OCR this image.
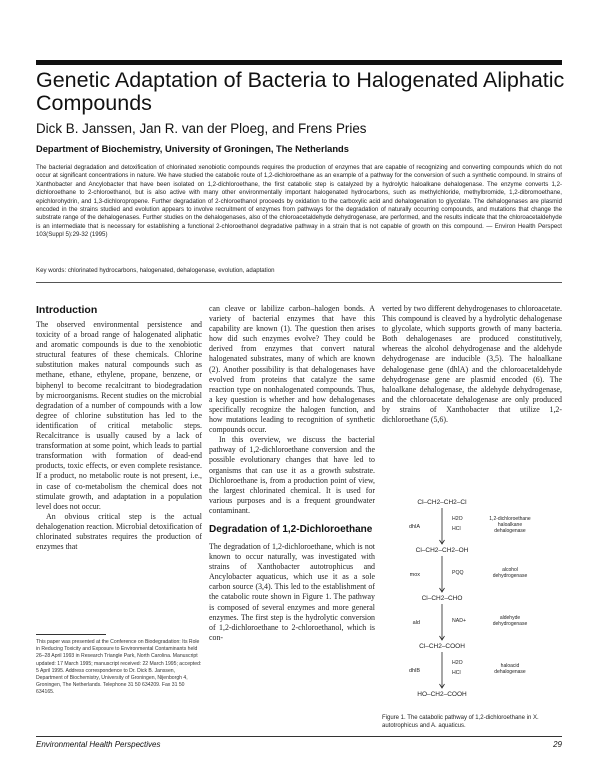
Genetic Adaptation of Bacteria to Halogenated Aliphatic Compounds
Dick B. Janssen, Jan R. van der Ploeg, and Frens Pries

Department of Biochemistry, University of Groningen, The Netherlands

The bacterial degradation and detoxification of chlorinated xenobiotic compounds requires the production of enzymes that are capable of recognizing and converting compounds which do not occur at significant concentrations in nature. We have studied the catabolic route of 1,2-dichloroethane as an example of a pathway for the conversion of such a synthetic compound. In strains of Xanthobacter and Ancylobacter that have been isolated on 1,2-dichloroethane, the first catabolic step is catalyzed by a hydrolytic haloalkane dehalogenase. The enzyme converts 1,2-dichloroethane to 2-chloroethanol, but is also active with many other environmentally important halogenated hydrocarbons, such as methylchloride, methylbromide, 1,2-dibromoethane, epichlorohydrin, and 1,3-dichloropropene. Further degradation of 2-chloroethanol proceeds by oxidation to the carboxylic acid and dehalogenation to glycolate. The dehalogenases are plasmid encoded in the strains studied and evolution appears to involve recruitment of enzymes from pathways for the degradation of naturally occurring compounds, and mutations that change the substrate range of the dehalogenases. Further studies on the dehalogenases, also of the chloroacetaldehyde dehydrogenase, are performed, and the results indicate that the chloroacetaldehyde is an intermediate that is necessary for establishing a functional 2-chloroethanol degradative pathway in a strain that is not capable of growth on this compound. — Environ Health Perspect 103(Suppl 5):29-32 (1995)

Key words: chlorinated hydrocarbons, halogenated, dehalogenase, evolution, adaptation

Introduction

The observed environmental persistence and toxicity of a broad range of halogenated aliphatic and aromatic compounds is due to the xenobiotic structural features of these chemicals. Chlorine substitution makes natural compounds such as methane, ethane, ethylene, propane, benzene, or biphenyl to become recalcitrant to biodegradation by microorganisms. Recent studies on the microbial degradation of a number of compounds with a low degree of chlorine substitution has led to the identification of critical metabolic steps. Recalcitrance is usually caused by a lack of transformation at some point, which leads to partial transformation with formation of dead-end products, toxic effects, or even complete resistance. If a product, no metabolic route is not present, i.e., in case of co-metabolism the chemical does not stimulate growth, and adaptation in a population level does not occur.

An obvious critical step is the actual dehalogenation reaction. Microbial detoxification of chlorinated substrates requires the production of enzymes that

can cleave or labilize carbon–halogen bonds. A variety of bacterial enzymes that have this capability are known (1). The question then arises how did such enzymes evolve? They could be derived from enzymes that convert natural halogenated substrates, many of which are known (2). Another possibility is that dehalogenases have evolved from proteins that catalyze the same reaction type on nonhalogenated compounds. Thus, a key question is whether and how dehalogenases specifically recognize the halogen function, and how mutations leading to recognition of synthetic compounds occur.

In this overview, we discuss the bacterial pathway of 1,2-dichloroethane conversion and the possible evolutionary changes that have led to organisms that can use it as a growth substrate. Dichloroethane is, from a production point of view, the largest chlorinated chemical. It is used for various purposes and is a frequent groundwater contaminant.

Degradation of 1,2-Dichloroethane

The degradation of 1,2-dichloroethane, which is not known to occur naturally, was investigated with strains of Xanthobacter autotrophicus and Ancylobacter aquaticus, which use it as a sole carbon source (3,4). This led to the establishment of the catabolic route shown in Figure 1. The pathway is composed of several enzymes and more general enzymes. The first step is the hydrolytic conversion of 1,2-dichloroethane to 2-chloroethanol, which is con-

verted by two different dehydrogenases to chloroacetate. This compound is cleaved by a hydrolytic dehalogenase to glycolate, which supports growth of many bacteria. Both dehalogenases are produced constitutively, whereas the alcohol dehydrogenase and the aldehyde dehydrogenase are inducible (3,5). The haloalkane dehalogenase gene (dhlA) and the chloroacetaldehyde dehydrogenase gene are plasmid encoded (6). The haloalkane dehalogenase, the aldehyde dehydrogenase, and the chloroacetate dehalogenase are only produced by strains of Xanthobacter that utilize 1,2-dichloroethane (5,6).

This paper was presented at the Conference on Biodegradation: Its Role in Reducing Toxicity and Exposure to Environmental Contaminants held 26–28 April 1993 in Research Triangle Park, North Carolina. Manuscript updated: 17 March 1995; manuscript received: 22 March 1995; accepted: 5 April 1995. Address correspondence to Dr. Dick B. Janssen, Department of Biochemistry, University of Groningen, Nijenborgh 4, Groningen, The Netherlands. Telephone 31 50 634209. Fax 31 50 634165.

Cl–CH2–CH2–Cl
Cl–CH2–CH2–OH
Cl–CH2–CHO
Cl–CH2–COOH
HO–CH2–COOH
dhlA
1,2-dichloroethane haloalkane dehalogenase
mox
alcohol dehydrogenase
ald
aldehyde dehydrogenase
dhlB
haloacid dehalogenase
H2O
HCl
PQQ
NAD+
H2O
HCl

Figure 1. The catabolic pathway of 1,2-dichloroethane in X. autotrophicus and A. aquaticus.

Environmental Health Perspectives	29
